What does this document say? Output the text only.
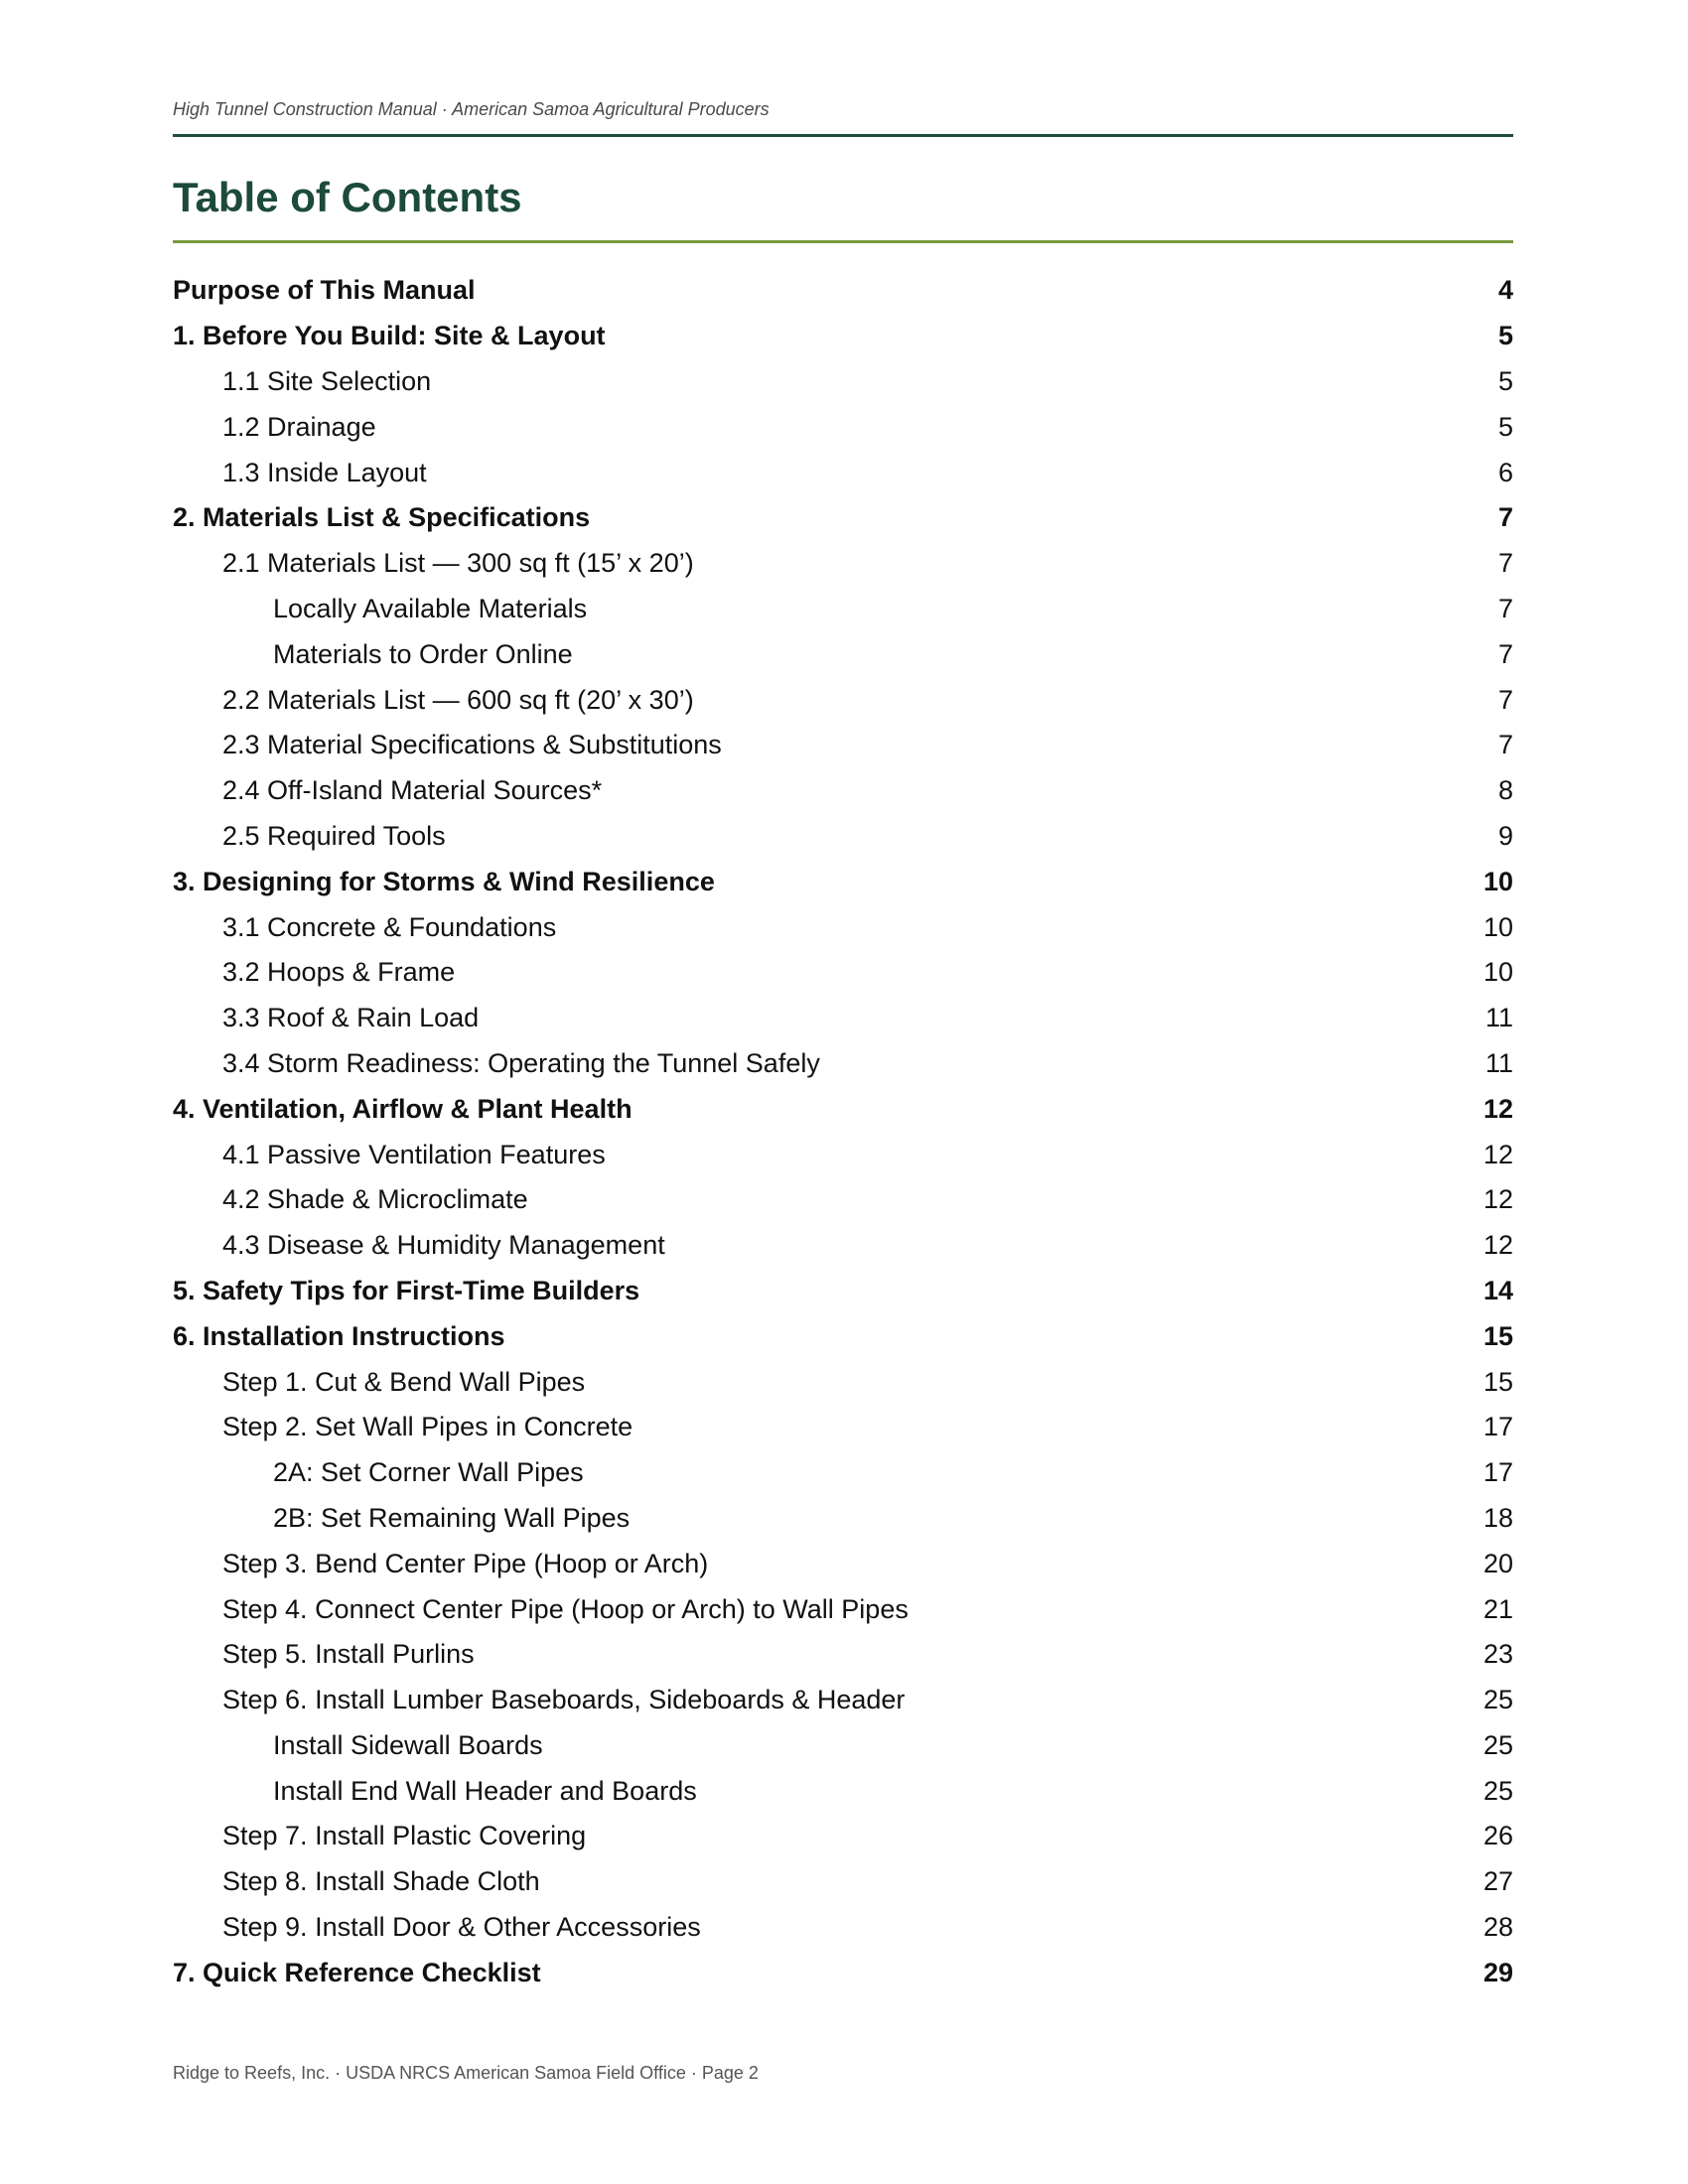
High Tunnel Construction Manual · American Samoa Agricultural Producers
Table of Contents
Purpose of This Manual	4
1. Before You Build: Site & Layout	5
1.1 Site Selection	5
1.2 Drainage	5
1.3 Inside Layout	6
2. Materials List & Specifications	7
2.1 Materials List — 300 sq ft (15’ x 20’)	7
Locally Available Materials	7
Materials to Order Online	7
2.2 Materials List — 600 sq ft (20’ x 30’)	7
2.3 Material Specifications & Substitutions	7
2.4 Off-Island Material Sources*	8
2.5 Required Tools	9
3. Designing for Storms & Wind Resilience	10
3.1 Concrete & Foundations	10
3.2 Hoops & Frame	10
3.3 Roof & Rain Load	11
3.4 Storm Readiness: Operating the Tunnel Safely	11
4. Ventilation, Airflow & Plant Health	12
4.1 Passive Ventilation Features	12
4.2 Shade & Microclimate	12
4.3 Disease & Humidity Management	12
5. Safety Tips for First-Time Builders	14
6. Installation Instructions	15
Step 1. Cut & Bend Wall Pipes	15
Step 2. Set Wall Pipes in Concrete	17
2A: Set Corner Wall Pipes	17
2B: Set Remaining Wall Pipes	18
Step 3. Bend Center Pipe (Hoop or Arch)	20
Step 4. Connect Center Pipe (Hoop or Arch) to Wall Pipes	21
Step 5. Install Purlins	23
Step 6. Install Lumber Baseboards, Sideboards & Header	25
Install Sidewall Boards	25
Install End Wall Header and Boards	25
Step 7. Install Plastic Covering	26
Step 8. Install Shade Cloth	27
Step 9. Install Door & Other Accessories	28
7. Quick Reference Checklist	29
Ridge to Reefs, Inc. · USDA NRCS American Samoa Field Office · Page 2
